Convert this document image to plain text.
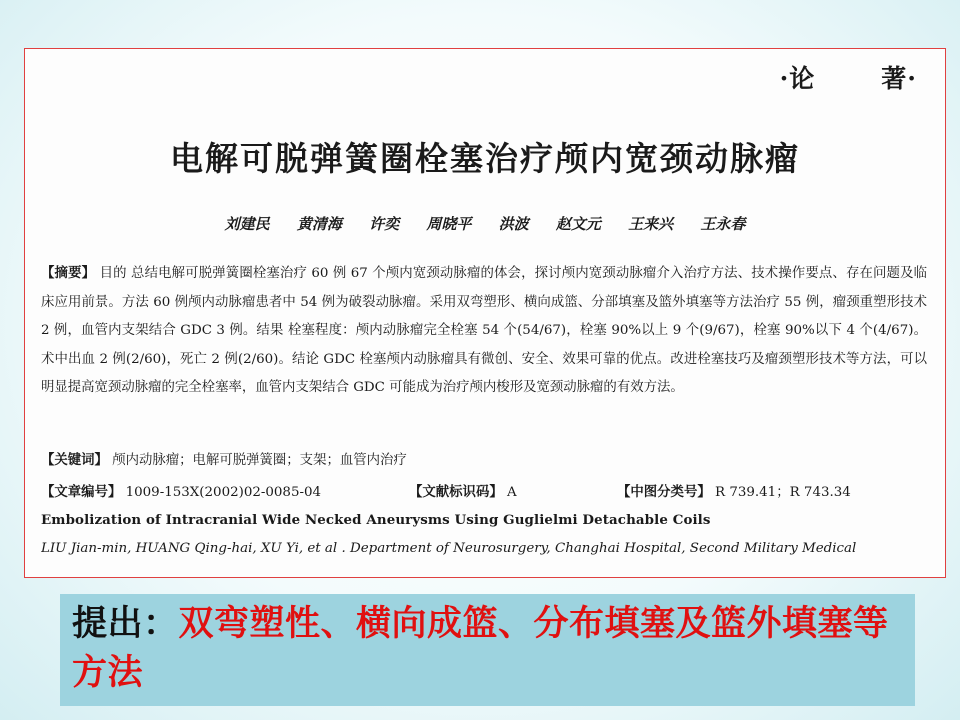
·论	著·
电解可脱弹簧圈栓塞治疗颅内宽颈动脉瘤
刘建民 黄清海 许奕 周晓平 洪波 赵文元 王来兴 王永春
【摘要】 目的 总结电解可脱弹簧圈栓塞治疗 60 例 67 个颅内宽颈动脉瘤的体会，探讨颅内宽颈动脉瘤介入治疗方法、技术操作要点、存在问题及临床应用前景。方法 60 例颅内动脉瘤患者中 54 例为破裂动脉瘤。采用双弯塑形、横向成篮、分部填塞及篮外填塞等方法治疗 55 例，瘤颈重塑形技术 2 例，血管内支架结合 GDC 3 例。结果 栓塞程度：颅内动脉瘤完全栓塞 54 个(54/67)，栓塞 90%以上 9 个(9/67)，栓塞 90%以下 4 个(4/67)。术中出血 2 例(2/60)，死亡 2 例(2/60)。结论 GDC 栓塞颅内动脉瘤具有微创、安全、效果可靠的优点。改进栓塞技巧及瘤颈塑形技术等方法，可以明显提高宽颈动脉瘤的完全栓塞率，血管内支架结合 GDC 可能成为治疗颅内梭形及宽颈动脉瘤的有效方法。
【关键词】 颅内动脉瘤；电解可脱弹簧圈；支架；血管内治疗
【文章编号】 1009-153X(2002)02-0085-04	【文献标识码】 A	【中图分类号】 R 739.41；R 743.34
Embolization of Intracranial Wide Necked Aneurysms Using Guglielmi Detachable Coils
LIU Jian-min, HUANG Qing-hai, XU Yi, et al . Department of Neurosurgery, Changhai Hospital, Second Military Medical
提出：双弯塑性、横向成篮、分布填塞及篮外填塞等方法
